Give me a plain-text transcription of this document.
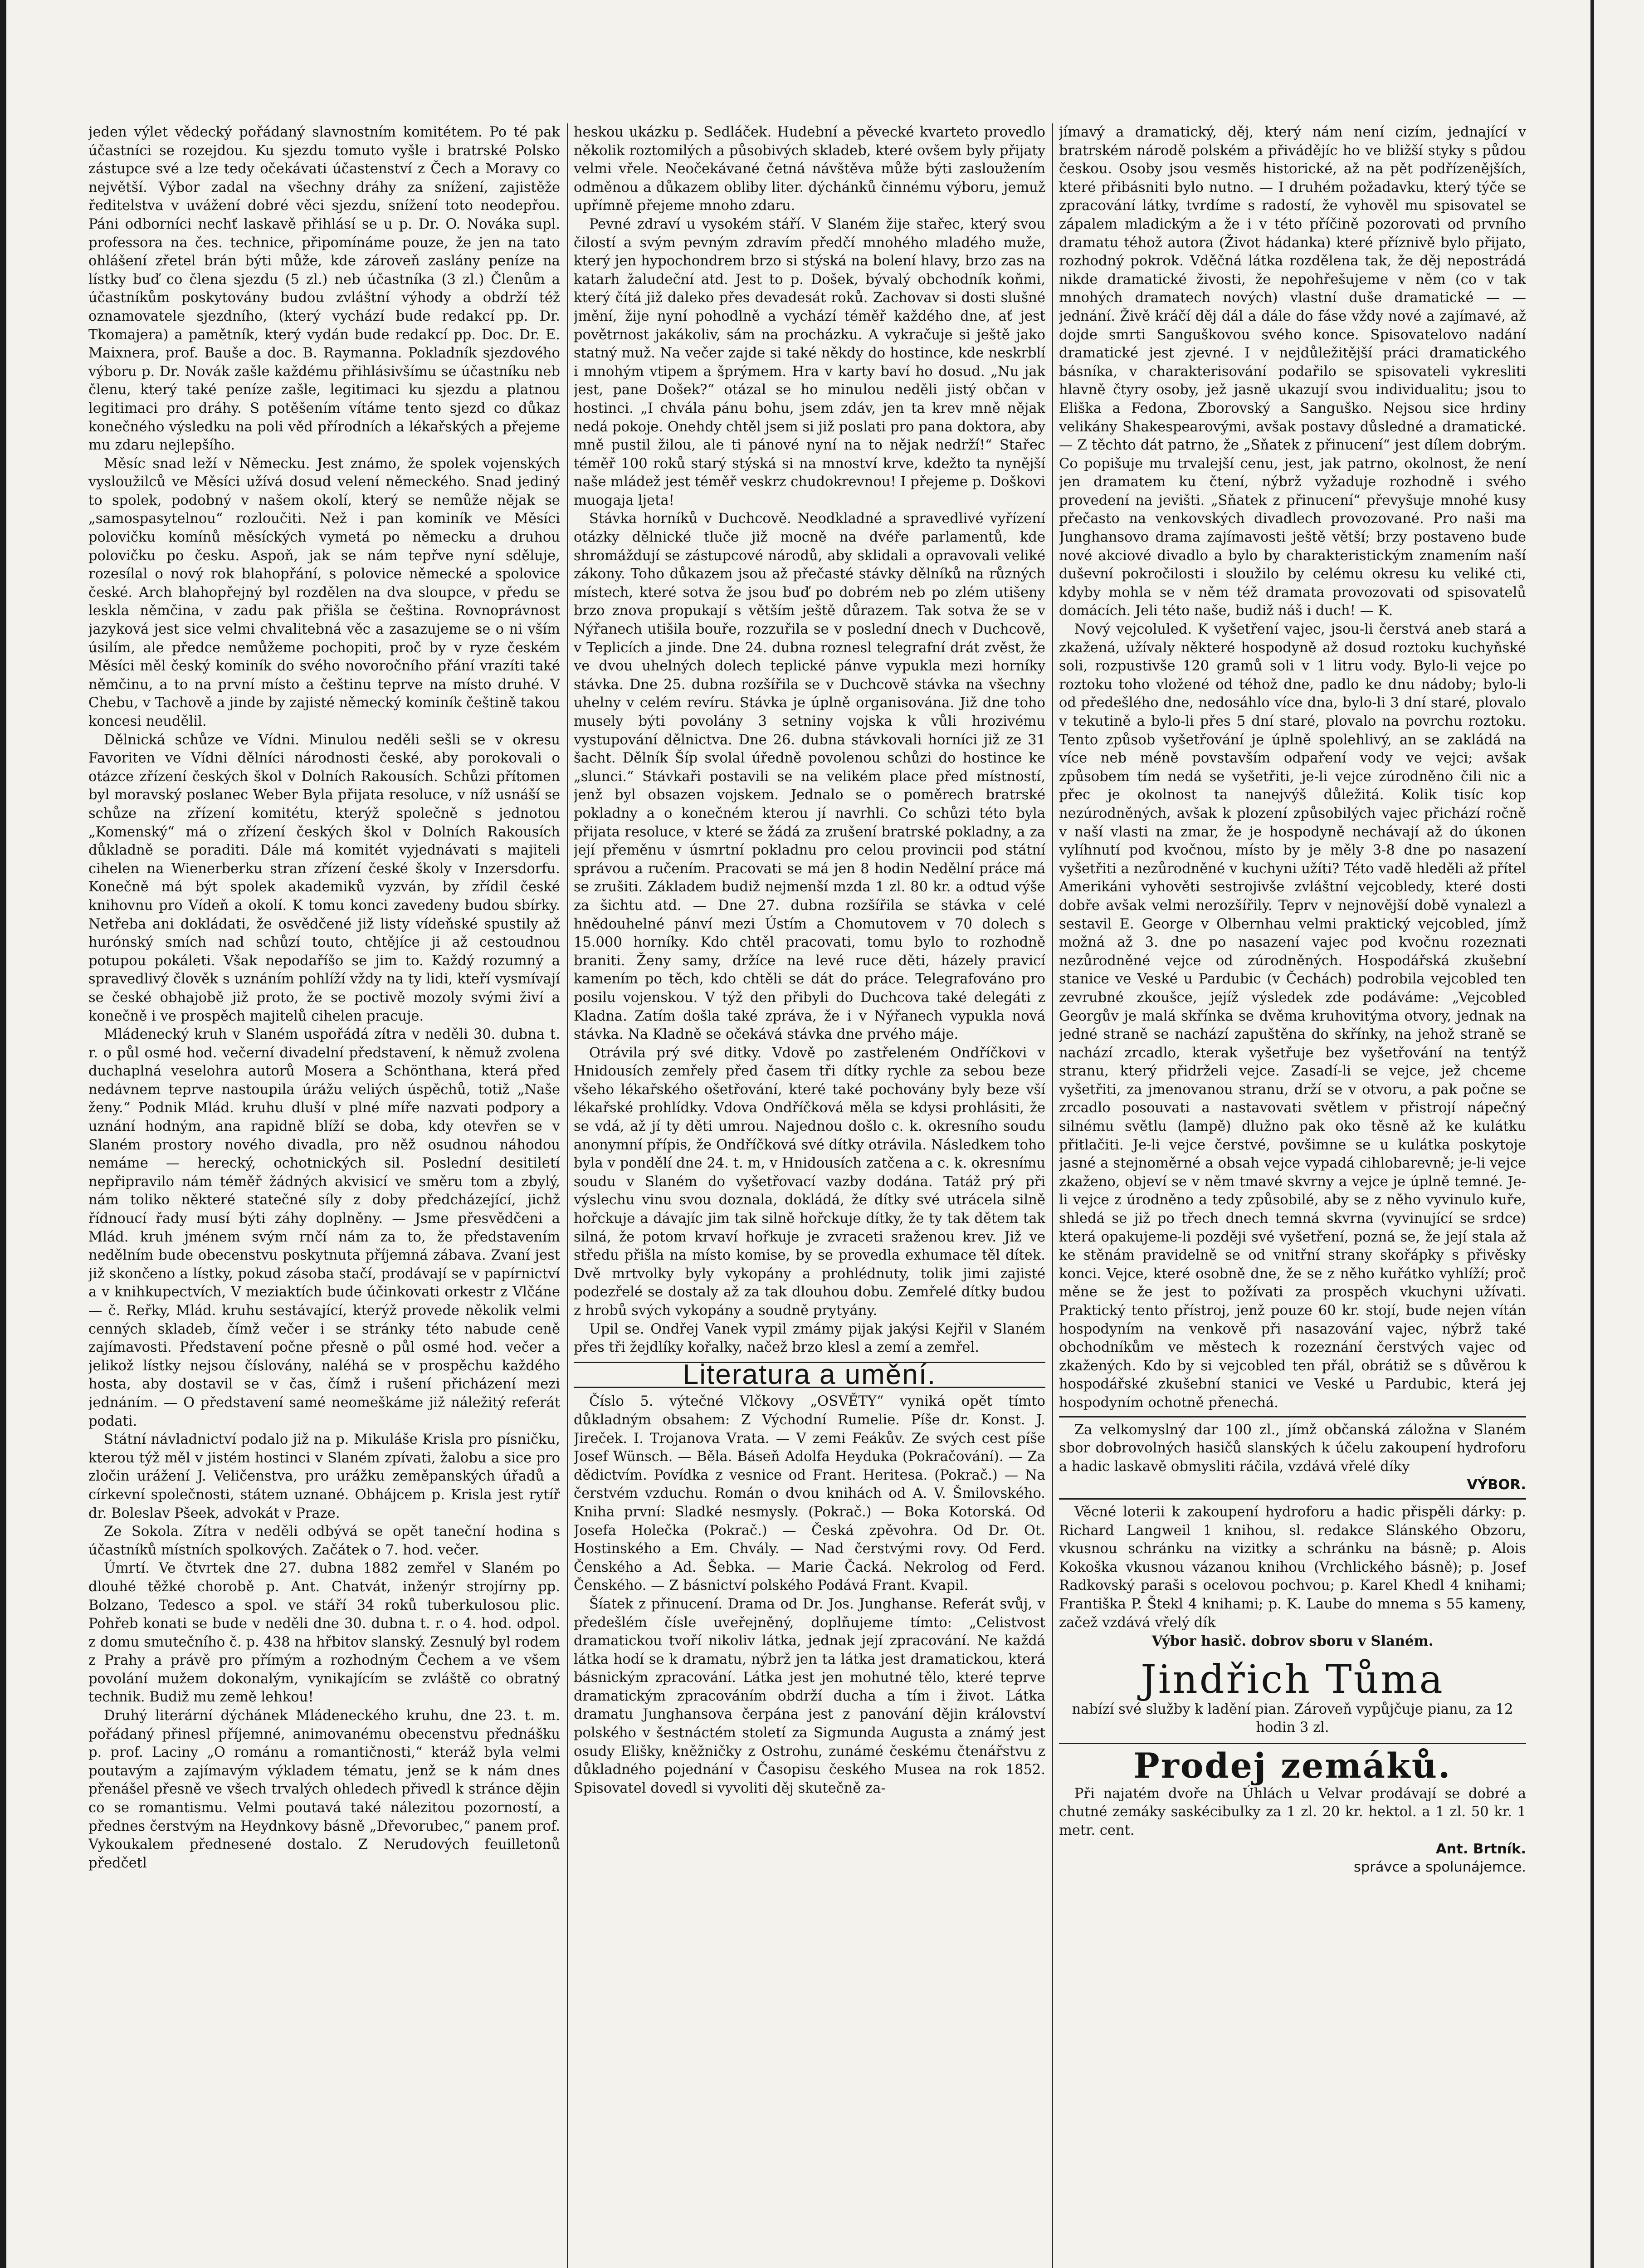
jeden výlet vědecký pořádaný slavnostním komitétem. Po té pak účastníci se rozejdou. Ku sjezdu tomuto vyšle i bratrské Polsko zástupce své a lze tedy očekávati účastenství z Čech a Moravy co největší. Výbor zadal na všechny dráhy za snížení, zajistěže ředitelstva v uvážení dobré věci sjezdu, snížení toto neodepřou. Páni odborníci nechť laskavě přihlásí se u p. Dr. O. Nováka supl. professora na čes. technice, připomínáme pouze, že jen na tato ohlášení zřetel brán býti může, kde zároveň zaslány peníze na lístky buď co člena sjezdu (5 zl.) neb účastníka (3 zl.) Členům a účastníkům poskytovány budou zvláštní výhody a obdrží též oznamovatele sjezdního, (který vychází bude redakcí pp. Dr. Tkomajera) a pamětník, který vydán bude redakcí pp. Doc. Dr. E. Maixnera, prof. Bauše a doc. B. Raymanna. Pokladník sjezdového výboru p. Dr. Novák zašle každému přihlásivšímu se účastníku neb členu, který také peníze zašle, legitimaci ku sjezdu a platnou legitimaci pro dráhy. S potěšením vítáme tento sjezd co důkaz konečného výsledku na poli věd přírodních a lékařských a přejeme mu zdaru nejlepšího.

Měsíc snad leží v Německu. Jest známo, že spolek vojenských vysloužilců ve Měsíci užívá dosud velení německého. Snad jediný to spolek, podobný v našem okolí, který se nemůže nějak se „samospasytelnou“ rozloučiti. Než i pan kominík ve Měsíci polovičku komínů měsíckých vymetá po německu a druhou polovičku po česku. Aspoň, jak se nám tepřve nyní sděluje, rozesílal o nový rok blahopřání, s polovice německé a spolovice české. Arch blahopřejný byl rozdělen na dva sloupce, v předu se leskla němčina, v zadu pak přišla se čeština. Rovnoprávnost jazyková jest sice velmi chvalitebná věc a zasazujeme se o ni vším úsilím, ale předce nemůžeme pochopiti, proč by v ryze českém Měsíci měl český kominík do svého novoročního přání vrazíti také němčinu, a to na první místo a češtinu teprve na místo druhé. V Chebu, v Tachově a jinde by zajisté německý kominík češtině takou koncesi neudělil.

Dělnická schůze ve Vídni. Minulou neděli sešli se v okresu Favoriten ve Vídni dělníci národnosti české, aby porokovali o otázce zřízení českých škol v Dolních Rakousích. Schůzi přítomen byl moravský poslanec Weber Byla přijata resoluce, v níž usnáší se schůze na zřízení komitétu, kterýž společně s jednotou „Komenský“ má o zřízení českých škol v Dolních Rakousích důkladně se poraditi. Dále má komitét vyjednávati s majiteli cihelen na Wienerberku stran zřízení české školy v Inzersdorfu. Konečně má být spolek akademiků vyzván, by zřídil české knihovnu pro Vídeň a okolí. K tomu konci zavedeny budou sbírky. Netřeba ani dokládati, že osvědčené již listy vídeňské spustily až hurónský smích nad schůzí touto, chtějíce ji až cestoudnou potupou pokáleti. Však nepodaříšo se jim to. Každý rozumný a spravedlivý člověk s uznáním pohlíží vždy na ty lidi, kteří vysmívají se české obhajobě již proto, že se poctivě mozoly svými živí a konečně i ve prospěch majitelů cihelen pracuje.

Mládenecký kruh v Slaném uspořádá zítra v neděli 30. dubna t. r. o půl osmé hod. večerní divadelní představení, k němuž zvolena duchaplná veselohra autorů Mosera a Schönthana, která před nedávnem teprve nastoupila úrážu veliých úspěchů, totiž „Naše ženy.“ Podnik Mlád. kruhu dluší v plné míře nazvati podpory a uznání hodným, ana rapidně blíží se doba, kdy otevřen se v Slaném prostory nového divadla, pro něž osudnou náhodou nemáme — herecký, ochotnických sil. Poslední desitiletí nepřipravilo nám téměř žádných akvisicí ve směru tom a zbylý, nám toliko některé statečné síly z doby předcházející, jichž řídnoucí řady musí býti záhy doplněny. — Jsme přesvědčeni a Mlád. kruh jménem svým rnčí nám za to, že představením nedělním bude obecenstvu poskytnuta příjemná zábava. Zvaní jest již skončeno a lístky, pokud zásoba stačí, prodávají se v papírnictví a v knihkupectvích, V meziaktích bude účinkovati orkestr z Vlčáne — č. Reřky, Mlád. kruhu sestávající, kterýž provede několik velmi cenných skladeb, čímž večer i se stránky této nabude ceně zajímavosti. Představení počne přesně o půl osmé hod. večer a jelikož lístky nejsou číslovány, naléhá se v prospěchu každého hosta, aby dostavil se v čas, čímž i rušení přicházení mezi jednáním. — O představení samé neomeškáme již náležitý referát podati.

Státní návladnictví podalo již na p. Mikuláše Krisla pro písničku, kterou týž měl v jistém hostinci v Slaném zpívati, žalobu a sice pro zločin urážení J. Veličenstva, pro urážku zeměpanských úřadů a církevní společnosti, státem uznané. Obhájcem p. Krisla jest rytíř dr. Boleslav Pšeek, advokát v Praze.

Ze Sokola. Zítra v neděli odbývá se opět taneční hodina s účastníků místních spolkových. Začátek o 7. hod. večer.

Úmrtí. Ve čtvrtek dne 27. dubna 1882 zemřel v Slaném po dlouhé těžké chorobě p. Ant. Chatvát, inženýr strojírny pp. Bolzano, Tedesco a spol. ve stáří 34 roků tuberkulosou plic. Pohřeb konati se bude v neděli dne 30. dubna t. r. o 4. hod. odpol. z domu smutečního č. p. 438 na hřbitov slanský. Zesnulý byl rodem z Prahy a právě pro přímým a rozhodným Čechem a ve všem povolání mužem dokonalým, vynikajícím se zvláště co obratný technik. Budiž mu země lehkou!

Druhý literární dýchánek Mládeneckého kruhu, dne 23. t. m. pořádaný přinesl příjemné, animovanému obecenstvu přednášku p. prof. Laciny „O románu a romantičnosti,“ kteráž byla velmi poutavým a zajímavým výkladem tématu, jenž se k nám dnes přenášel přesně ve všech trvalých ohledech přivedl k stránce dějin co se romantismu. Velmi poutavá také nálezitou pozorností, a přednes čerstvým na Heydnkovy básně „Dřevorubec,“ panem prof. Vykoukalem přednesené dostalo. Z Nerudových feuilletonů předčetl

heskou ukázku p. Sedláček. Hudební a pěvecké kvarteto provedlo několik roztomilých a působivých skladeb, které ovšem byly přijaty velmi vřele. Neočekávané četná návštěva může býti zasloužením odměnou a důkazem obliby liter. dýchánků činnému výboru, jemuž upřímně přejeme mnoho zdaru.

Pevné zdraví u vysokém stáří. V Slaném žije stařec, který svou čilostí a svým pevným zdravím předčí mnohého mladého muže, který jen hypochondrem brzo si stýská na bolení hlavy, brzo zas na katarh žaludeční atd. Jest to p. Došek, bývalý obchodník koňmi, který čítá již daleko přes devadesát roků. Zachovav si dosti slušné jmění, žije nyní pohodlně a vychází téměř každého dne, ať jest povětrnost jakákoliv, sám na procházku. A vykračuje si ještě jako statný muž. Na večer zajde si také někdy do hostince, kde neskrblí i mnohým vtipem a šprýmem. Hra v karty baví ho dosud. „Nu jak jest, pane Došek?“ otázal se ho minulou neděli jistý občan v hostinci. „I chvála pánu bohu, jsem zdáv, jen ta krev mně nějak nedá pokoje. Onehdy chtěl jsem si již poslati pro pana doktora, aby mně pustil žilou, ale ti pánové nyní na to nějak nedrží!“ Stařec téměř 100 roků starý stýská si na mnoství krve, kdežto ta nynější naše mládež jest téměř veskrz chudokrevnou! I přejeme p. Doškovi muogaja ljeta!

Stávka horníků v Duchcově. Neodkladné a spravedlivé vyřízení otázky dělnické tluče již mocně na dvéře parlamentů, kde shromáždují se zástupcové národů, aby sklidali a opravovali veliké zákony. Toho důkazem jsou až přečasté stávky dělníků na různých místech, které sotva že jsou buď po dobrém neb po zlém utišeny brzo znova propukají s větším ještě důrazem. Tak sotva že se v Nýřanech utišila bouře, rozzuřila se v poslední dnech v Duchcově, v Teplicích a jinde. Dne 24. dubna roznesl telegrafní drát zvěst, že ve dvou uhelných dolech teplické pánve vypukla mezi horníky stávka. Dne 25. dubna rozšířila se v Duchcově stávka na všechny uhelny v celém revíru. Stávka je úplně organisována. Již dne toho musely býti povolány 3 setniny vojska k vůli hrozivému vystupování dělnictva. Dne 26. dubna stávkovali horníci již ze 31 šacht. Dělník Šíp svolal úředně povolenou schůzi do hostince ke „slunci.“ Stávkaři postavili se na velikém place před místností, jenž byl obsazen vojskem. Jednalo se o poměrech bratrské pokladny a o konečném kterou jí navrhli. Co schůzi této byla přijata resoluce, v které se žádá za zrušení bratrské pokladny, a za její přeměnu v úsmrtní pokladnu pro celou provincii pod státní správou a ručením. Pracovati se má jen 8 hodin Nedělní práce má se zrušiti. Základem budiž nejmenší mzda 1 zl. 80 kr. a odtud výše za šichtu atd. — Dne 27. dubna rozšířila se stávka v celé hnědouhelné pánví mezi Ústím a Chomutovem v 70 dolech s 15.000 horníky. Kdo chtěl pracovati, tomu bylo to rozhodně braniti. Ženy samy, držíce na levé ruce děti, házely pravicí kamením po těch, kdo chtěli se dát do práce. Telegrafováno pro posilu vojenskou. V týž den přibyli do Duchcova také delegáti z Kladna. Zatím došla také zpráva, že i v Nýřanech vypukla nová stávka. Na Kladně se očekává stávka dne prvého máje.

Otrávila prý své ditky. Vdově po zastřeleném Ondříčkovi v Hnidousích zemřely před časem tři dítky rychle za sebou beze všeho lékařského ošetřování, které také pochovány byly beze vší lékařské prohlídky. Vdova Ondříčková měla se kdysi prohlásiti, že se vdá, až jí ty děti umrou. Najednou došlo c. k. okresního soudu anonymní přípis, že Ondříčková své dítky otrávila. Následkem toho byla v pondělí dne 24. t. m, v Hnidousích zatčena a c. k. okresnímu soudu v Slaném do vyšetřovací vazby dodána. Tatáž prý při výslechu vinu svou doznala, dokládá, že dítky své utrácela silně hořckuje a dávajíc jim tak silně hořckuje dítky, že ty tak dětem tak silná, že potom krvaví hořkuje je zvraceti sraženou krev. Již ve středu přišla na místo komise, by se provedla exhumace těl dítek. Dvě mrtvolky byly vykopány a prohlédnuty, tolik jimi zajisté podezřelé se dostaly až za tak dlouhou dobu. Zemřelé dítky budou z hrobů svých vykopány a soudně prytyány.

Upil se. Ondřej Vanek vypil zmámy pijak jakýsi Kejřil v Slaném přes tři žejdlíky kořalky, načež brzo klesl a zemí a zemřel.

Literatura a umění.

Číslo 5. výtečné Vlčkovy „OSVĚTY“ vyniká opět tímto důkladným obsahem: Z Východní Rumelie. Píše dr. Konst. J. Jireček. I. Trojanova Vrata. — V zemi Feákův. Ze svých cest píše Josef Wünsch. — Běla. Báseň Adolfa Heyduka (Pokračování). — Za dědictvím. Povídka z vesnice od Frant. Heritesa. (Pokrač.) — Na čerstvém vzduchu. Román o dvou knihách od A. V. Šmilovského. Kniha první: Sladké nesmysly. (Pokrač.) — Boka Kotorská. Od Josefa Holečka (Pokrač.) — Česká zpěvohra. Od Dr. Ot. Hostinského a Em. Chvály. — Nad čerstvými rovy. Od Ferd. Čenského a Ad. Šebka. — Marie Čacká. Nekrolog od Ferd. Čenského. — Z básnictví polského Podává Frant. Kvapil.

Šíatek z přinucení. Drama od Dr. Jos. Junghanse. Referát svůj, v předešlém čísle uveřejněný, doplňujeme tímto: „Celistvost dramatickou tvoří nikoliv látka, jednak její zpracování. Ne každá látka hodí se k dramatu, nýbrž jen ta látka jest dramatickou, která básnickým zpracování. Látka jest jen mohutné tělo, které teprve dramatickým zpracováním obdrží ducha a tím i život. Látka dramatu Junghansova čerpána jest z panování dějin království polského v šestnáctém století za Sigmunda Augusta a známý jest osudy Elišky, kněžničky z Ostrohu, zunámé českému čtenářstvu z důkladného pojednání v Časopisu českého Musea na rok 1852. Spisovatel dovedl si vyvoliti děj skutečně za-

jímavý a dramatický, děj, který nám není cizím, jednající v bratrském národě polském a přivádějíc ho ve bližší styky s půdou českou. Osoby jsou vesměs historické, až na pět podřízenějších, které přibásniti bylo nutno. — I druhém požadavku, který týče se zpracování látky, tvrdíme s radostí, že vyhověl mu spisovatel se zápalem mladickým a že i v této příčině pozorovati od prvního dramatu téhož autora (Život hádanka) které příznivě bylo přijato, rozhodný pokrok. Vděčná látka rozdělena tak, že děj nepostrádá nikde dramatické živosti, že nepohřešujeme v něm (co v tak mnohých dramatech nových) vlastní duše dramatické — — jednání. Živě kráčí děj dál a dále do fáse vždy nové a zajímavé, až dojde smrti Sanguškovou svého konce. Spisovatelovo nadání dramatické jest zjevné. I v nejdůležitější práci dramatického básníka, v charakterisování podařilo se spisovateli vykresliti hlavně čtyry osoby, jež jasně ukazují svou individualitu; jsou to Eliška a Fedona, Zborovský a Sanguško. Nejsou sice hrdiny velikány Shakespearovými, avšak postavy důsledné a dramatické. — Z těchto dát patrno, že „Sňatek z přinucení“ jest dílem dobrým. Co popišuje mu trvalejší cenu, jest, jak patrno, okolnost, že není jen dramatem ku čtení, nýbrž vyžaduje rozhodně i svého provedení na jevišti. „Sňatek z přinucení“ převyšuje mnohé kusy přečasto na venkovských divadlech provozované. Pro naši ma Junghansovo drama zajímavosti ještě větší; brzy postaveno bude nové akciové divadlo a bylo by charakteristickým znamením naší duševní pokročilosti i sloužilo by celému okresu ku veliké cti, kdyby mohla se v něm též dramata provozovati od spisovatelů domácích. Jeli této naše, budiž náš i duch! — K.

Nový vejcoluled. K vyšetření vajec, jsou-li čerstvá aneb stará a zkažená, užívaly některé hospodyně až dosud roztoku kuchyňské soli, rozpustivše 120 gramů soli v 1 litru vody. Bylo-li vejce po roztoku toho vložené od téhož dne, padlo ke dnu nádoby; bylo-li od předešlého dne, nedosáhlo více dna, bylo-li 3 dní staré, plovalo v tekutině a bylo-li přes 5 dní staré, plovalo na povrchu roztoku. Tento způsob vyšetřování je úplně spolehlivý, an se zakládá na více neb méně povstavším odpaření vody ve vejci; avšak způsobem tím nedá se vyšetřiti, je-li vejce zúrodněno čili nic a přec je okolnost ta nanejvýš důležitá. Kolik tisíc kop nezúrodněných, avšak k plození způsobilých vajec přichází ročně v naší vlasti na zmar, že je hospodyně nechávají až do úkonen vylíhnutí pod kvočnou, místo by je měly 3-8 dne po nasazení vyšetřiti a nezůrodněné v kuchyni užíti? Této vadě hleděli až přítel Amerikáni vyhověti sestrojivše zvláštní vejcobledy, které dosti dobře avšak velmi nerozšířily. Teprv v nejnovější době vynalezl a sestavil E. George v Olbernhau velmi praktický vejcobled, jímž možná až 3. dne po nasazení vajec pod kvočnu rozeznati nezůrodněné vejce od zúrodněných. Hospodářská zkušební stanice ve Veské u Pardubic (v Čechách) podrobila vejcobled ten zevrubné zkoušce, jejíž výsledek zde podáváme: „Vejcobled Georgův je malá skřínka se dvěma kruhovitýma otvory, jednak na jedné straně se nachází zapuštěna do skřínky, na jehož straně se nachází zrcadlo, kterak vyšetřuje bez vyšetřování na tentýž stranu, který přidrželi vejce. Zasadí-li se vejce, jež chceme vyšetřiti, za jmenovanou stranu, drží se v otvoru, a pak počne se zrcadlo posouvati a nastavovati světlem v přistrojí nápečný silnému světlu (lampě) dlužno pak oko těsně až ke kulátku přitlačiti. Je-li vejce čerstvé, povšimne se u kulátka poskytoje jasné a stejnoměrné a obsah vejce vypadá cihlobarevně; je-li vejce zkaženo, objeví se v něm tmavé skvrny a vejce je úplně temné. Je-li vejce z úrodněno a tedy způsobilé, aby se z něho vyvinulo kuře, shledá se již po třech dnech temná skvrna (vyvinující se srdce) která opakujeme-li později své vyšetření, pozná se, že její stala až ke stěnám pravidelně se od vnitřní strany skořápky s přivěsky konci. Vejce, které osobně dne, že se z něho kuřátko vyhlíží; proč měne se že jest to požívati za prospěch vkuchyni užívati. Praktický tento přístroj, jenž pouze 60 kr. stojí, bude nejen vítán hospodyním na venkově při nasazování vajec, nýbrž také obchodníkům ve městech k rozeznání čerstvých vajec od zkažených. Kdo by si vejcobled ten přál, obrátiž se s důvěrou k hospodářské zkušební stanici ve Veské u Pardubic, která jej hospodyním ochotně přenechá.

Za velkomyslný dar 100 zl., jímž občanská záložna v Slaném sbor dobrovolných hasičů slanských k účelu zakoupení hydroforu a hadic laskavě obmysliti ráčila, vzdává vřelé díky

VÝBOR.

Věcné loterii k zakoupení hydroforu a hadic přispěli dárky: p. Richard Langweil 1 knihou, sl. redakce Slánského Obzoru, vkusnou schránku na vizitky a schránku na básně; p. Alois Kokoška vkusnou vázanou knihou (Vrchlického básně); p. Josef Radkovský paraši s ocelovou pochvou; p. Karel Khedl 4 knihami; Františka P. Štekl 4 knihami; p. K. Laube do mnema s 55 kameny, začež vzdává vřelý dík

Výbor hasič. dobrov sboru v Slaném.

Jindřich Tůma

nabízí své služby k ladění pian. Zároveň vypůjčuje pianu, za 12 hodin 3 zl.

Prodej zemáků.

Při najatém dvoře na Úhlách u Velvar prodávají se dobré a chutné zemáky saskécibulky za 1 zl. 20 kr. hektol. a 1 zl. 50 kr. 1 metr. cent.

Ant. Brtník.

správce a spolunájemce.
